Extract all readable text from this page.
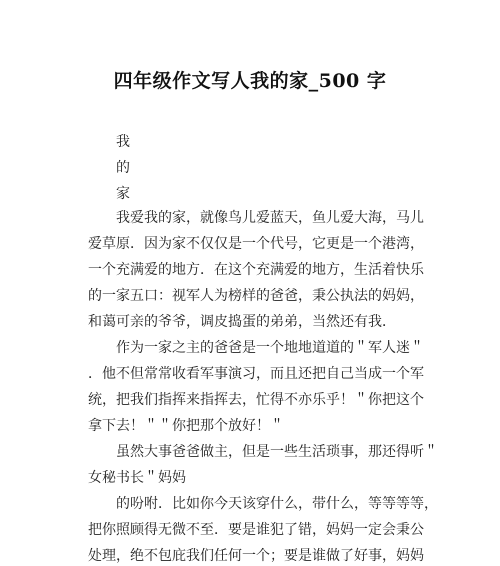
四年级作文写人我的家_500 字
我
的
家
我爱我的家，就像鸟儿爱蓝天，鱼儿爱大海，马儿
爱草原．因为家不仅仅是一个代号，它更是一个港湾，
一个充满爱的地方．在这个充满爱的地方，生活着快乐
的一家五口：视军人为榜样的爸爸，秉公执法的妈妈，
和蔼可亲的爷爷，调皮捣蛋的弟弟，当然还有我．
作为一家之主的爸爸是一个地地道道的＂军人迷＂
．他不但常常收看军事演习，而且还把自己当成一个军
统，把我们指挥来指挥去，忙得不亦乐乎！＂你把这个
拿下去！＂＂你把那个放好！＂
虽然大事爸爸做主，但是一些生活琐事，那还得听＂
女秘书长＂妈妈
的吩咐．比如你今天该穿什么，带什么，等等等等，
把你照顾得无微不至．要是谁犯了错，妈妈一定会秉公
处理，绝不包庇我们任何一个；要是谁做了好事，妈妈
